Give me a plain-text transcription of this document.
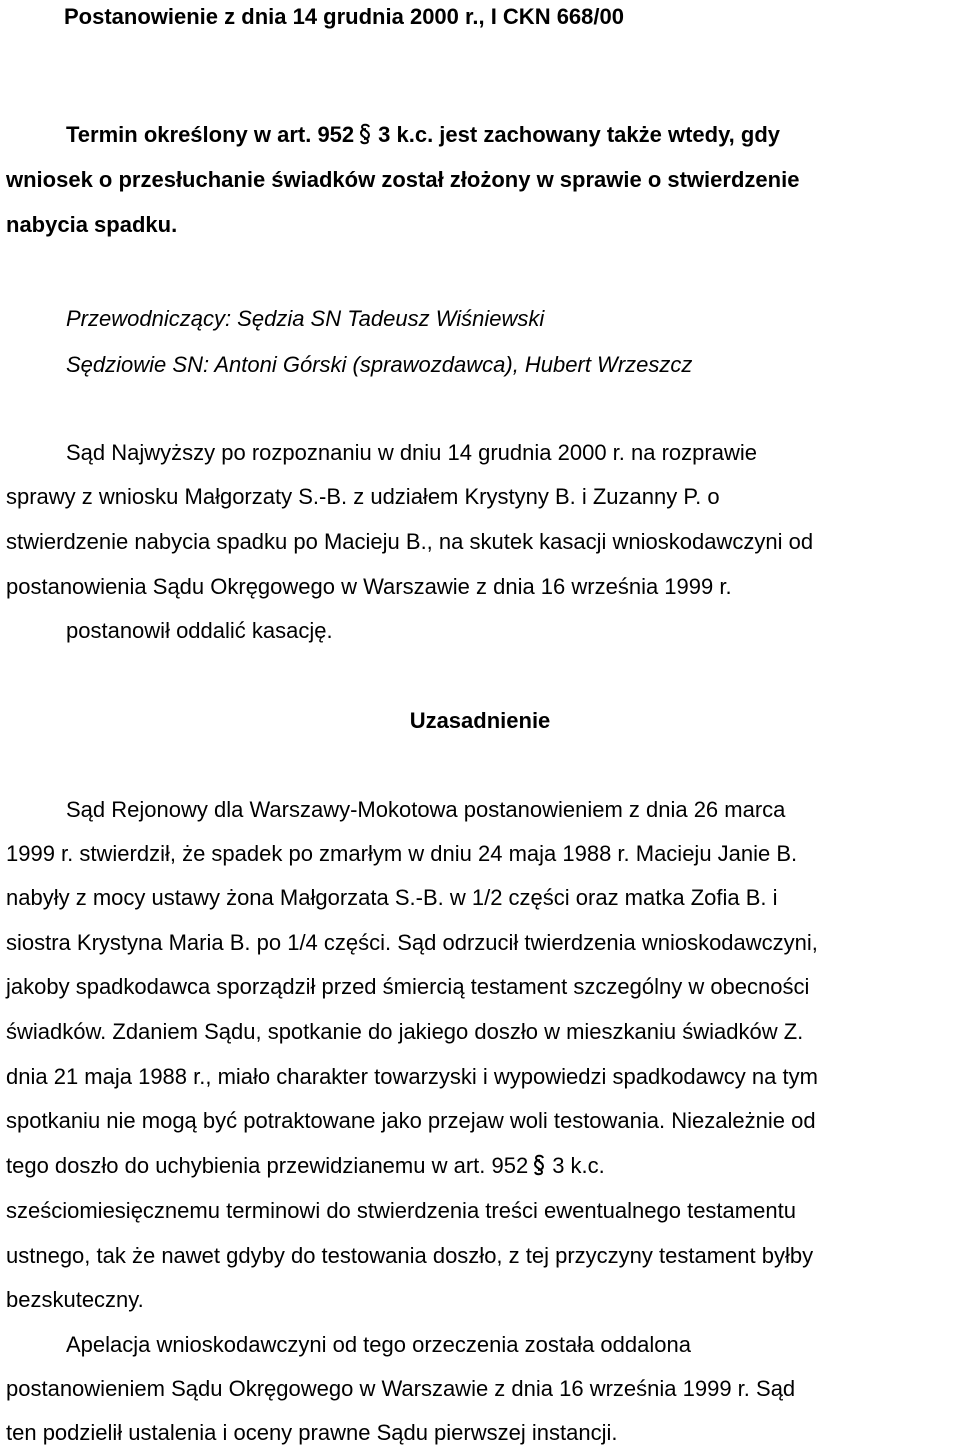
Postanowienie z dnia 14 grudnia 2000 r., I CKN 668/00
Termin określony w art. 952 3 k.c. jest zachowany także wtedy, gdy
wniosek o przesłuchanie świadków został złożony w sprawie o stwierdzenie
nabycia spadku.
Przewodniczący: Sędzia SN Tadeusz Wiśniewski
Sędziowie SN: Antoni Górski (sprawozdawca), Hubert Wrzeszcz
Sąd Najwyższy po rozpoznaniu w dniu 14 grudnia 2000 r. na rozprawie
sprawy z wniosku Małgorzaty S.-B. z udziałem Krystyny B. i Zuzanny P. o
stwierdzenie nabycia spadku po Macieju B., na skutek kasacji wnioskodawczyni od
postanowienia Sądu Okręgowego w Warszawie z dnia 16 września 1999 r.
postanowił oddalić kasację.
Uzasadnienie
Sąd Rejonowy dla Warszawy-Mokotowa postanowieniem z dnia 26 marca
1999 r. stwierdził, że spadek po zmarłym w dniu 24 maja 1988 r. Macieju Janie B.
nabyły z mocy ustawy żona Małgorzata S.-B. w 1/2 części oraz matka Zofia B. i
siostra Krystyna Maria B. po 1/4 części. Sąd odrzucił twierdzenia wnioskodawczyni,
jakoby spadkodawca sporządził przed śmiercią testament szczególny w obecności
świadków. Zdaniem Sądu, spotkanie do jakiego doszło w mieszkaniu świadków Z.
dnia 21 maja 1988 r., miało charakter towarzyski i wypowiedzi spadkodawcy na tym
spotkaniu nie mogą być potraktowane jako przejaw woli testowania. Niezależnie od
tego doszło do uchybienia przewidzianemu w art. 952 3 k.c.
sześciomiesięcznemu terminowi do stwierdzenia treści ewentualnego testamentu
ustnego, tak że nawet gdyby do testowania doszło, z tej przyczyny testament byłby
bezskuteczny.
Apelacja wnioskodawczyni od tego orzeczenia została oddalona
postanowieniem Sądu Okręgowego w Warszawie z dnia 16 września 1999 r. Sąd
ten podzielił ustalenia i oceny prawne Sądu pierwszej instancji.
